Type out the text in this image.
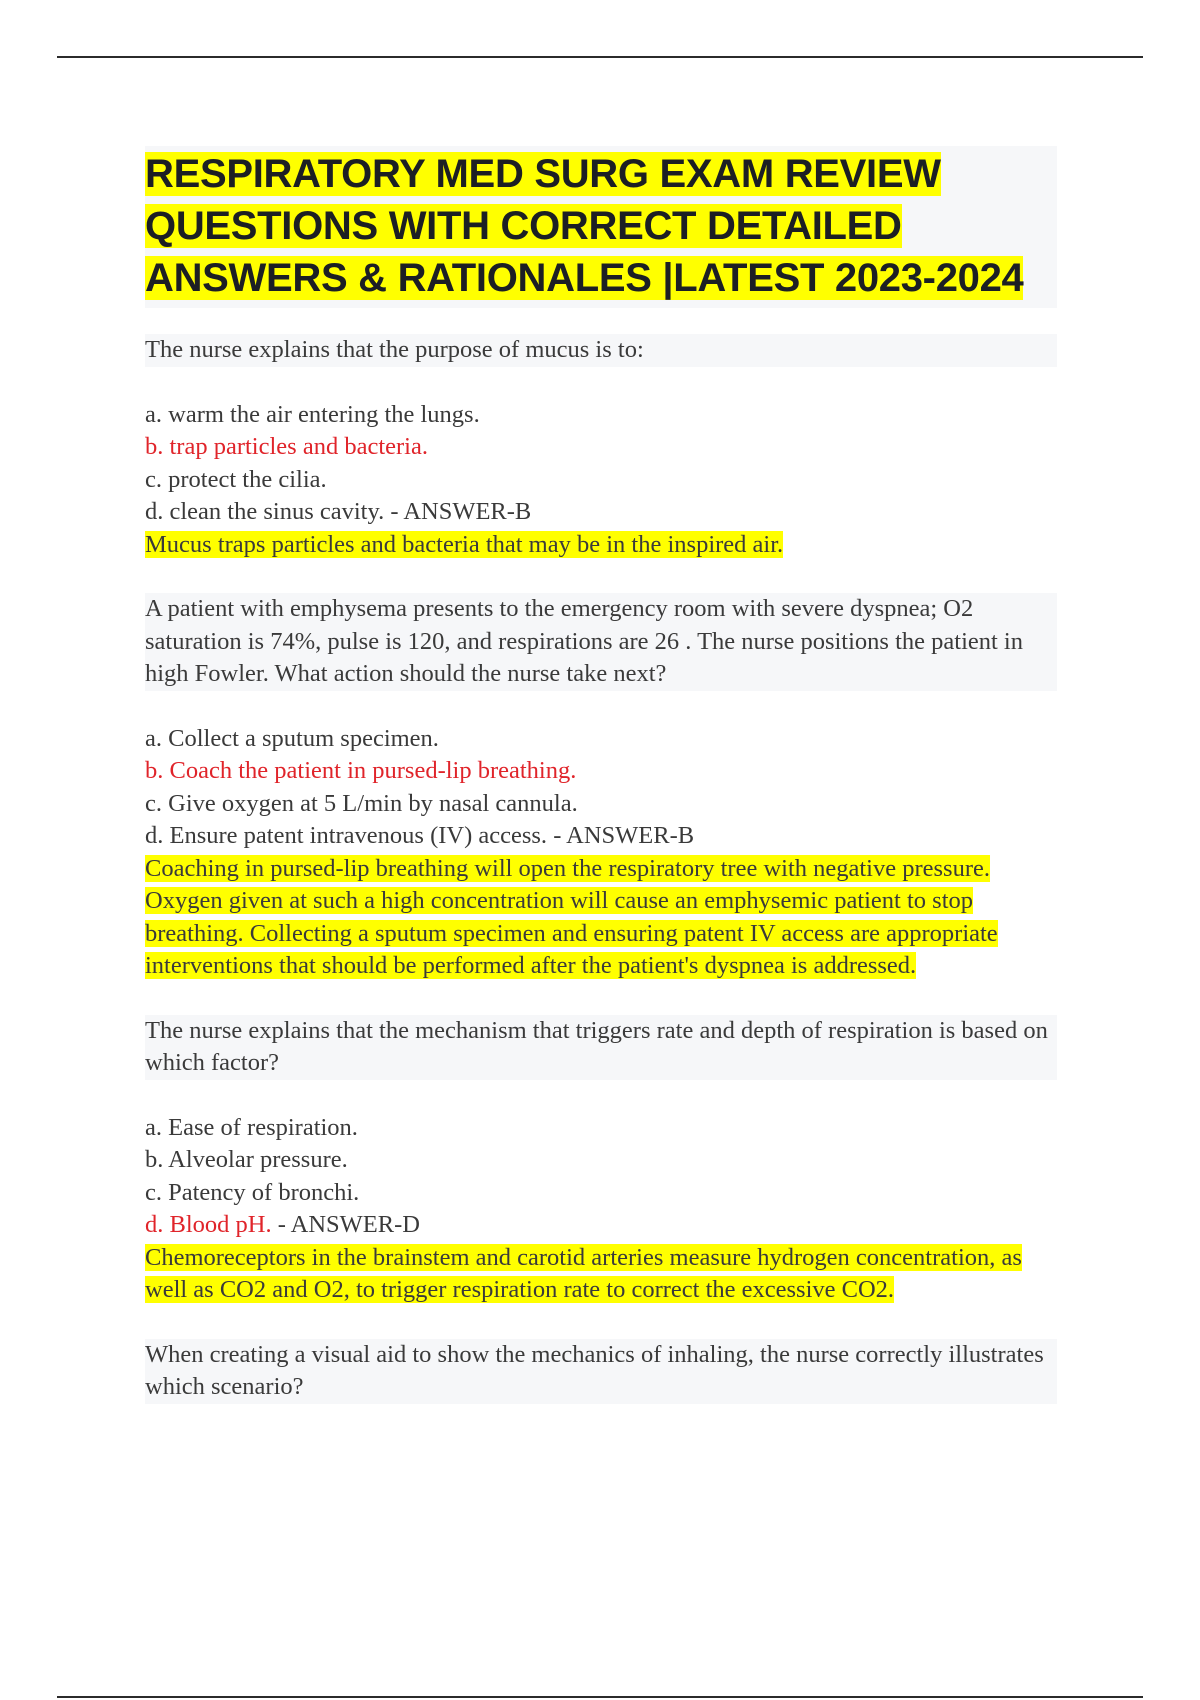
RESPIRATORY MED SURG EXAM REVIEW QUESTIONS WITH CORRECT DETAILED ANSWERS & RATIONALES |LATEST 2023-2024
The nurse explains that the purpose of mucus is to:
a. warm the air entering the lungs.
b. trap particles and bacteria.
c. protect the cilia.
d. clean the sinus cavity. - ANSWER-B
Mucus traps particles and bacteria that may be in the inspired air.
A patient with emphysema presents to the emergency room with severe dyspnea; O2 saturation is 74%, pulse is 120, and respirations are 26 . The nurse positions the patient in high Fowler. What action should the nurse take next?
a. Collect a sputum specimen.
b. Coach the patient in pursed-lip breathing.
c. Give oxygen at 5 L/min by nasal cannula.
d. Ensure patent intravenous (IV) access. - ANSWER-B
Coaching in pursed-lip breathing will open the respiratory tree with negative pressure. Oxygen given at such a high concentration will cause an emphysemic patient to stop breathing. Collecting a sputum specimen and ensuring patent IV access are appropriate interventions that should be performed after the patient's dyspnea is addressed.
The nurse explains that the mechanism that triggers rate and depth of respiration is based on which factor?
a. Ease of respiration.
b. Alveolar pressure.
c. Patency of bronchi.
d. Blood pH. - ANSWER-D
Chemoreceptors in the brainstem and carotid arteries measure hydrogen concentration, as well as CO2 and O2, to trigger respiration rate to correct the excessive CO2.
When creating a visual aid to show the mechanics of inhaling, the nurse correctly illustrates which scenario?
